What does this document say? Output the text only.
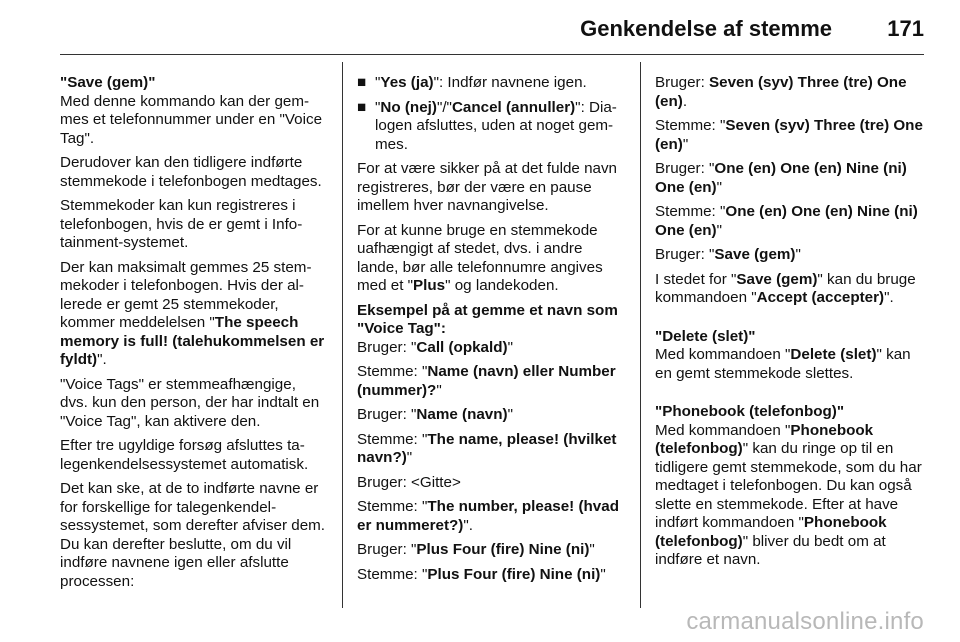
Genkendelse af stemme	171

"Save (gem)"

Med denne kommando kan der gemmes et telefonnummer under en "Voice Tag".

Derudover kan den tidligere indførte stemmekode i telefonbogen medtages.

Stemmekoder kan kun registreres i telefonbogen, hvis de er gemt i Infotainment-systemet.

Der kan maksimalt gemmes 25 stemmekoder i telefonbogen. Hvis der allerede er gemt 25 stemmekoder, kommer meddelelsen "The speech memory is full! (talehukommelsen er fyldt)".

"Voice Tags" er stemmeafhængige, dvs. kun den person, der har indtalt en "Voice Tag", kan aktivere den.

Efter tre ugyldige forsøg afsluttes talegenkendelsessystemet automatisk.

Det kan ske, at de to indførte navne er for forskellige for talegenkendelsessystemet, som derefter afviser dem. Du kan derefter beslutte, om du vil indføre navnene igen eller afslutte processen:

■ "Yes (ja)": Indfør navnene igen.
■ "No (nej)"/"Cancel (annuller)": Dialogen afsluttes, uden at noget gemmes.

For at være sikker på at det fulde navn registreres, bør der være en pause imellem hver navnangivelse.

For at kunne bruge en stemmekode uafhængigt af stedet, dvs. i andre lande, bør alle telefonnumre angives med et "Plus" og landekoden.

Eksempel på at gemme et navn som "Voice Tag":

Bruger: "Call (opkald)"

Stemme: "Name (navn) eller Number (nummer)?"

Bruger: "Name (navn)"

Stemme: "The name, please! (hvilket navn?)"

Bruger: <Gitte>

Stemme: "The number, please! (hvad er nummeret?)".

Bruger: "Plus Four (fire) Nine (ni)"

Stemme: "Plus Four (fire) Nine (ni)"

Bruger: Seven (syv) Three (tre) One (en).

Stemme: "Seven (syv) Three (tre) One (en)"

Bruger: "One (en) One (en) Nine (ni) One (en)"

Stemme: "One (en) One (en) Nine (ni) One (en)"

Bruger: "Save (gem)"

I stedet for "Save (gem)" kan du bruge kommandoen "Accept (accepter)".

"Delete (slet)"

Med kommandoen "Delete (slet)" kan en gemt stemmekode slettes.

"Phonebook (telefonbog)"

Med kommandoen "Phonebook (telefonbog)" kan du ringe op til en tidligere gemt stemmekode, som du har medtaget i telefonbogen. Du kan også slette en stemmekode. Efter at have indført kommandoen "Phonebook (telefonbog)" bliver du bedt om at indføre et navn.

carmanualsonline.info
